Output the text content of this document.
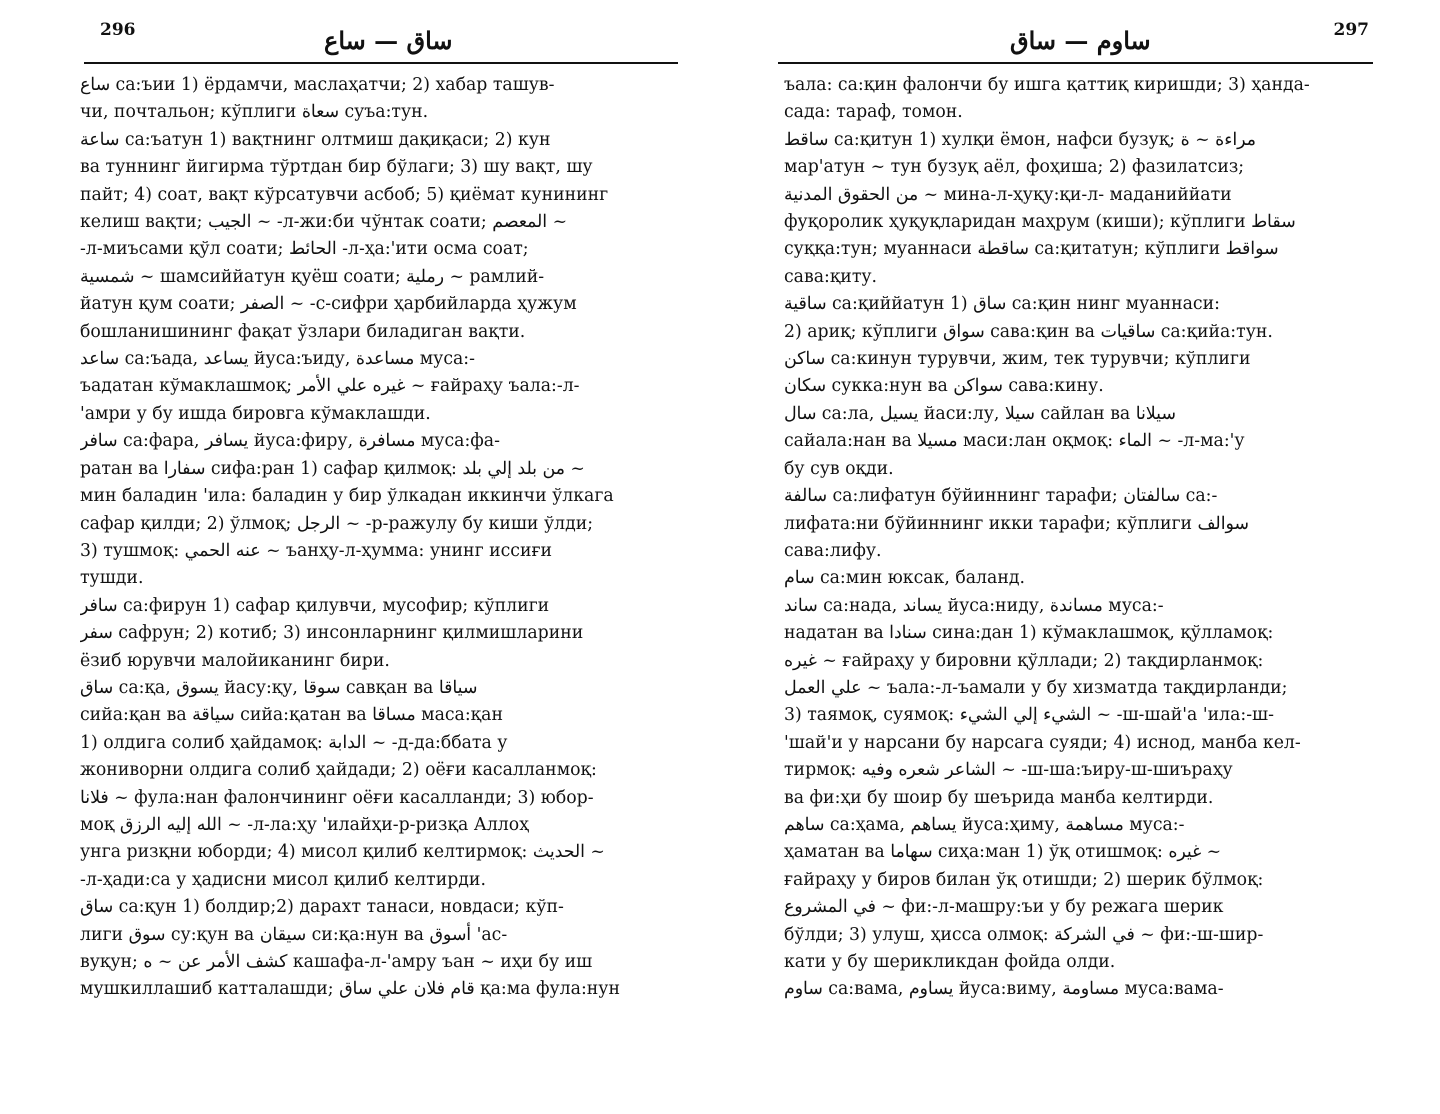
296	ساق — ساع
ساع са:ъии 1) ёрдамчи, маслаҳатчи; 2) хабар ташув-
чи, почтальон; кўплиги سعاة суъа:тун.
ساعة са:ъатун 1) вақтнинг олтмиш дақиқаси; 2) кун
ва туннинг йигирма тўртдан бир бўлаги; 3) шу вақт, шу
пайт; 4) соат, вақт кўрсатувчи асбоб; 5) қиёмат кунининг
келиш вақти; الجيب ~ -л-жи:би чўнтак соати; المعصم ~
-л-миъсами қўл соати; الحائط -л-ҳа:'ити осма соат;
شمسية ~ шамсиййатун қуёш соати; رملية ~ рамлий-
йатун қум соати; الصفر ~ -с-сифри ҳарбийларда ҳужум
бошланишининг фақат ўзлари биладиган вақти.
ساعد са:ъада, يساعد йуса:ъиду, مساعدة муса:-
ъадатан кўмаклашмоқ; غيره علي الأمر ~ ғайраҳу ъала:-л-
'амри у бу ишда бировга кўмаклашди.
سافر са:фара, يسافر йуса:фиру, مسافرة муса:фа-
ратан ва سفارا сифа:ран 1) сафар қилмоқ: من بلد إلي بلد ~
мин баладин 'ила: баладин у бир ўлкадан иккинчи ўлкага
сафар қилди; 2) ўлмоқ; الرجل ~ -р-ражулу бу киши ўлди;
3) тушмоқ: عنه الحمي ~ ъанҳу-л-ҳумма: унинг иссиғи
тушди.
سافر са:фирун 1) сафар қилувчи, мусофир; кўплиги
سفر сафрун; 2) котиб; 3) инсонларнинг қилмишларини
ёзиб юрувчи малойиканинг бири.
ساق са:қа, يسوق йасу:қу, سوقا савқан ва سياقا
сийа:қан ва سياقة сийа:қатан ва مساقا маса:қан
1) олдига солиб ҳайдамоқ: الدابة ~ -д-да:ббата у
жониворни олдига солиб ҳайдади; 2) оёғи касалланмоқ:
فلانا ~ фула:нан фалончининг оёғи касалланди; 3) юбор-
моқ الله إليه الرزق ~ -л-ла:ҳу 'илайҳи-р-ризқа Аллоҳ
унга ризқни юборди; 4) мисол қилиб келтирмоқ: الحديث ~
-л-ҳади:са у ҳадисни мисол қилиб келтирди.
ساق са:қун 1) болдир;2) дарахт танаси, новдаси; кўп-
лиги سوق су:қун ва سيقان си:қа:нун ва أسوق 'ас-
вуқун; كشف الأمر عن ~ ه кашафа-л-'амру ъан ~ иҳи бу иш
мушкиллашиб катталашди; قام فلان علي ساق қа:ма фула:нун
ساوم — ساق	297
ъала: са:қин фалончи бу ишга қаттиқ киришди; 3) ҳанда-
сада: тараф, томон.
ساقط са:қитун 1) хулқи ёмон, нафси бузуқ; مراءة ~ ة
мар'атун ~ тун бузуқ аёл, фоҳиша; 2) фазилатсиз;
من الحقوق المدنية ~ мина-л-ҳуқу:қи-л- маданиййати
фуқоролик ҳуқуқларидан маҳрум (киши); кўплиги سقاط
суққа:тун; муаннаси ساقطة са:қитатун; кўплиги سواقط
сава:қиту.
ساقية са:қиййатун 1) ساق са:қин нинг муаннаси:
2) ариқ; кўплиги سواق сава:қин ва ساقيات са:қийа:тун.
ساكن са:кинун турувчи, жим, тек турувчи; кўплиги
سكان сукка:нун ва سواكن сава:кину.
سال са:ла, يسيل йаси:лу, سيلا сайлан ва سيلانا
сайала:нан ва مسيلا маси:лан оқмоқ: الماء ~ -л-ма:'у
бу сув оқди.
سالفة са:лифатун бўйиннинг тарафи; سالفتان са:-
лифата:ни бўйиннинг икки тарафи; кўплиги سوالف
сава:лифу.
سام са:мин юксак, баланд.
ساند са:нада, يساند йуса:ниду, مساندة муса:-
надатан ва سنادا сина:дан 1) кўмаклашмоқ, қўлламоқ:
غيره ~ ғайраҳу у бировни қўллади; 2) тақдирланмоқ:
علي العمل ~ ъала:-л-ъамали у бу хизматда тақдирланди;
3) таямоқ, суямоқ: الشيء إلي الشيء ~ -ш-шай'а 'ила:-ш-
'шай'и у нарсани бу нарсага суяди; 4) иснод, манба кел-
тирмоқ: الشاعر شعره وفيه ~ -ш-ша:ъиру-ш-шиъраҳу
ва фи:ҳи бу шоир бу шеърида манба келтирди.
ساهم са:ҳама, يساهم йуса:ҳиму, مساهمة муса:-
ҳаматан ва سهاما сиҳа:ман 1) ўқ отишмоқ: غيره ~
ғайраҳу у биров билан ўқ отишди; 2) шерик бўлмоқ:
في المشروع ~ фи:-л-машру:ъи у бу режага шерик
бўлди; 3) улуш, ҳисса олмоқ: في الشركة ~ фи:-ш-шир-
кати у бу шерикликдан фойда олди.
ساوم са:вама, يساوم йуса:виму, مساومة муса:вама-
